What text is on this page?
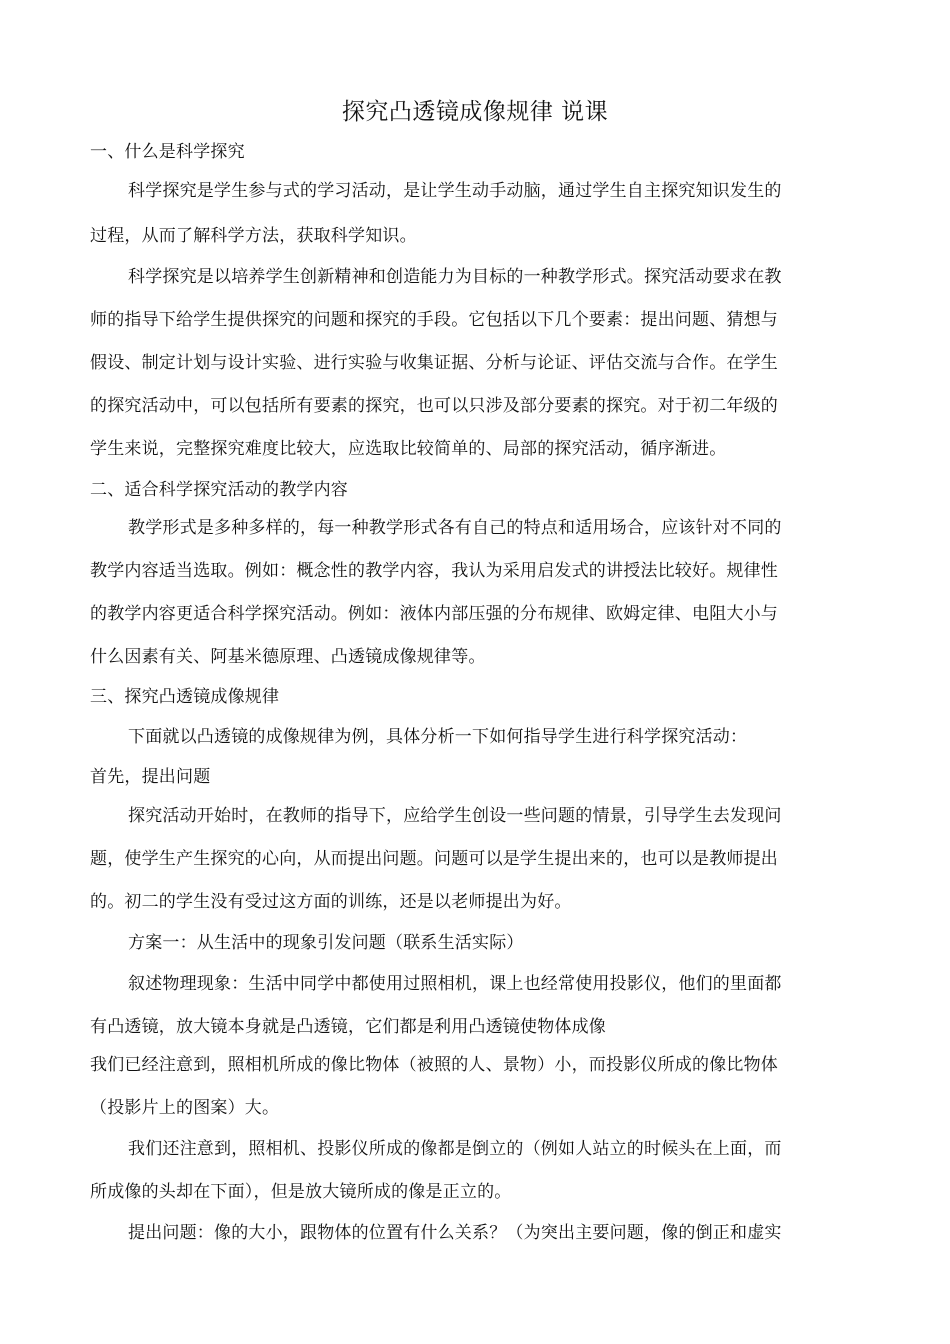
探究凸透镜成像规律 说课
一、什么是科学探究
科学探究是学生参与式的学习活动，是让学生动手动脑，通过学生自主探究知识发生的
过程，从而了解科学方法，获取科学知识。
科学探究是以培养学生创新精神和创造能力为目标的一种教学形式。探究活动要求在教
师的指导下给学生提供探究的问题和探究的手段。它包括以下几个要素：提出问题、猜想与
假设、制定计划与设计实验、进行实验与收集证据、分析与论证、评估交流与合作。在学生
的探究活动中，可以包括所有要素的探究，也可以只涉及部分要素的探究。对于初二年级的
学生来说，完整探究难度比较大，应选取比较简单的、局部的探究活动，循序渐进。
二、适合科学探究活动的教学内容
教学形式是多种多样的，每一种教学形式各有自己的特点和适用场合，应该针对不同的
教学内容适当选取。例如：概念性的教学内容，我认为采用启发式的讲授法比较好。规律性
的教学内容更适合科学探究活动。例如：液体内部压强的分布规律、欧姆定律、电阻大小与
什么因素有关、阿基米德原理、凸透镜成像规律等。
三、探究凸透镜成像规律
下面就以凸透镜的成像规律为例，具体分析一下如何指导学生进行科学探究活动：
首先，提出问题
探究活动开始时，在教师的指导下，应给学生创设一些问题的情景，引导学生去发现问
题，使学生产生探究的心向，从而提出问题。问题可以是学生提出来的，也可以是教师提出
的。初二的学生没有受过这方面的训练，还是以老师提出为好。
方案一：从生活中的现象引发问题（联系生活实际）
叙述物理现象：生活中同学中都使用过照相机，课上也经常使用投影仪，他们的里面都
有凸透镜，放大镜本身就是凸透镜，它们都是利用凸透镜使物体成像
我们已经注意到，照相机所成的像比物体（被照的人、景物）小，而投影仪所成的像比物体
（投影片上的图案）大。
我们还注意到，照相机、投影仪所成的像都是倒立的（例如人站立的时候头在上面，而
所成像的头却在下面），但是放大镜所成的像是正立的。
提出问题：像的大小，跟物体的位置有什么关系？（为突出主要问题，像的倒正和虚实
